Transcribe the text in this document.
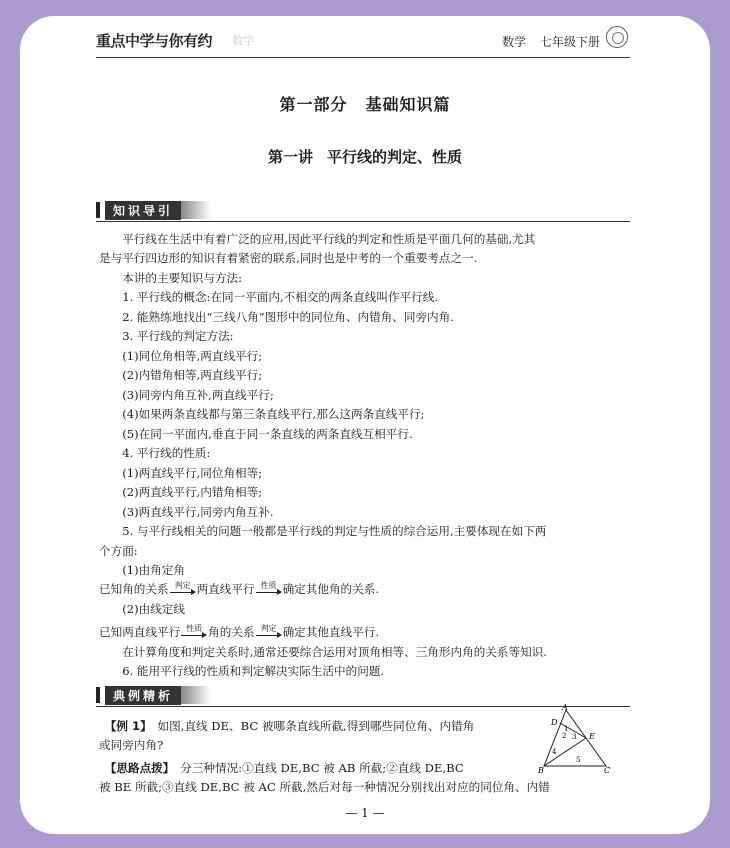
重点中学与你有约 数学	数学 七年级下册
第一部分 基础知识篇
第一讲 平行线的判定、性质
知识导引
　　平行线在生活中有着广泛的应用,因此平行线的判定和性质是平面几何的基础,尤其
是与平行四边形的知识有着紧密的联系,同时也是中考的一个重要考点之一.
　　本讲的主要知识与方法:
　　1. 平行线的概念:在同一平面内,不相交的两条直线叫作平行线.
　　2. 能熟练地找出“三线八角”图形中的同位角、内错角、同旁内角.
　　3. 平行线的判定方法:
　　(1)同位角相等,两直线平行;
　　(2)内错角相等,两直线平行;
　　(3)同旁内角互补,两直线平行;
　　(4)如果两条直线都与第三条直线平行,那么这两条直线平行;
　　(5)在同一平面内,垂直于同一条直线的两条直线互相平行.
　　4. 平行线的性质:
　　(1)两直线平行,同位角相等;
　　(2)两直线平行,内错角相等;
　　(3)两直线平行,同旁内角互补.
　　5. 与平行线相关的问题一般都是平行线的判定与性质的综合运用,主要体现在如下两
个方面:
　　(1)由角定角
已知角的关系 判定 两直线平行 性质 确定其他角的关系.
　　(2)由线定线
已知两直线平行 性质 角的关系 判定 确定其他直线平行.
　　在计算角度和判定关系时,通常还要综合运用对顶角相等、三角形内角的关系等知识.
　　6. 能用平行线的性质和判定解决实际生活中的问题.
典例精析
　【例 1】　 如图,直线 DE、BC 被哪条直线所截,得到哪些同位角、内错角
或同旁内角?
　【思路点拨】　 分三种情况:①直线 DE,BC 被 AB 所截;②直线 DE,BC
被 BE 所截;③直线 DE,BC 被 AC 所截,然后对每一种情况分别找出对应的同位角、内错
A
D
E
B	C
1
2 3
4
5
— 1 —
